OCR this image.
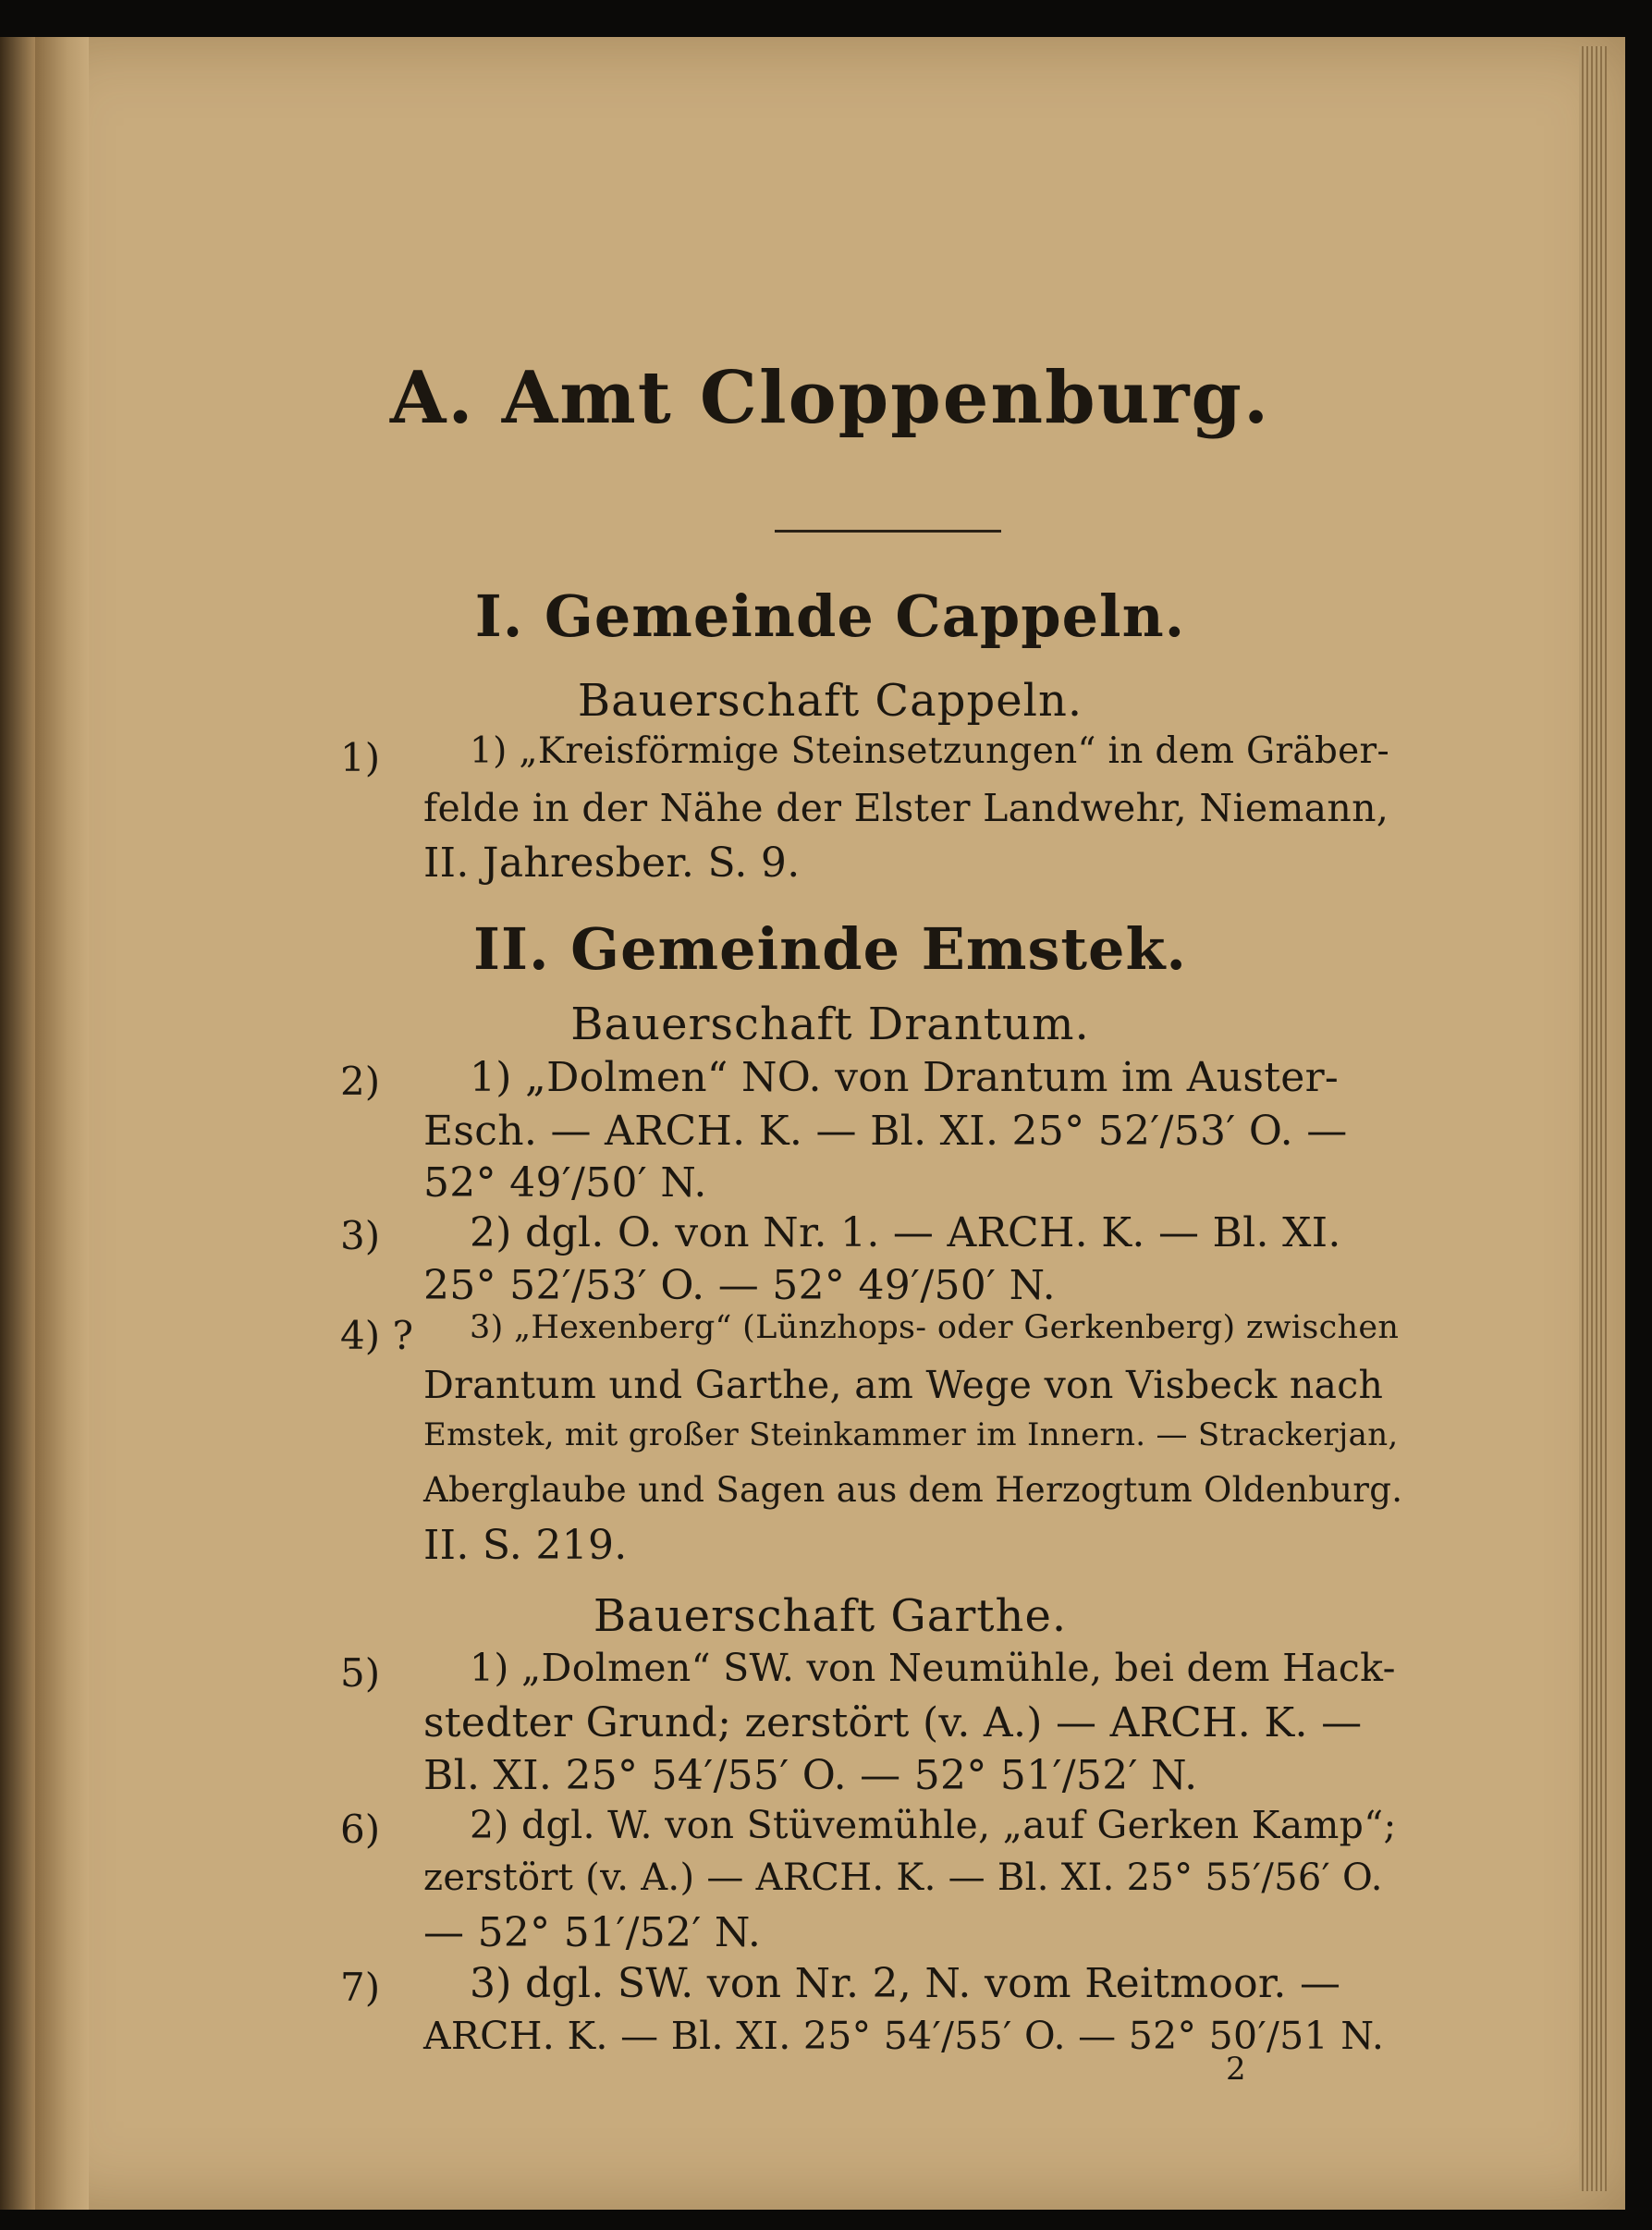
A. Amt Cloppenburg.
I. Gemeinde Cappeln.
Bauerschaft Cappeln.
1) 1) „Kreisförmige Steinsetzungen“ in dem Gräber-
felde in der Nähe der Elster Landwehr, Niemann,
II. Jahresber. S. 9.
II. Gemeinde Emstek.
Bauerschaft Drantum.
2) 1) „Dolmen“ NO. von Drantum im Auster-
Esch. — ARCH. K. — Bl. XI. 25° 52′/53′ O. —
52° 49′/50′ N.
3) 2) dgl. O. von Nr. 1. — ARCH. K. — Bl. XI.
25° 52′/53′ O. — 52° 49′/50′ N.
4) ? 3) „Hexenberg“ (Lünzhops- oder Gerkenberg) zwischen
Drantum und Garthe, am Wege von Visbeck nach
Emstek, mit großer Steinkammer im Innern. — Strackerjan,
Aberglaube und Sagen aus dem Herzogtum Oldenburg.
II. S. 219.
Bauerschaft Garthe.
5) 1) „Dolmen“ SW. von Neumühle, bei dem Hack-
stedter Grund; zerstört (v. A.) — ARCH. K. —
Bl. XI. 25° 54′/55′ O. — 52° 51′/52′ N.
6) 2) dgl. W. von Stüvemühle, „auf Gerken Kamp“;
zerstört (v. A.) — ARCH. K. — Bl. XI. 25° 55′/56′ O.
— 52° 51′/52′ N.
7) 3) dgl. SW. von Nr. 2, N. vom Reitmoor. —
ARCH. K. — Bl. XI. 25° 54′/55′ O. — 52° 50′/51 N.
2
